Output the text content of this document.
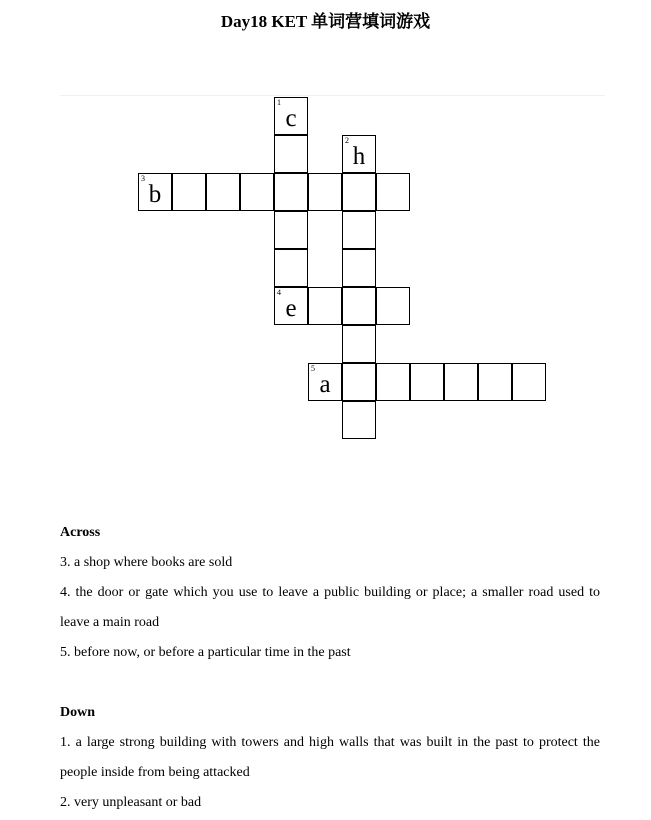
Day18 KET 单词营填词游戏
1
c
2
h
3
b
4
e
5
a
Across
3. a shop where books are sold
4. the door or gate which you use to leave a public building or place; a smaller road used to leave a main road
5. before now, or before a particular time in the past
Down
1. a large strong building with towers and high walls that was built in the past to protect the people inside from being attacked
2. very unpleasant or bad
